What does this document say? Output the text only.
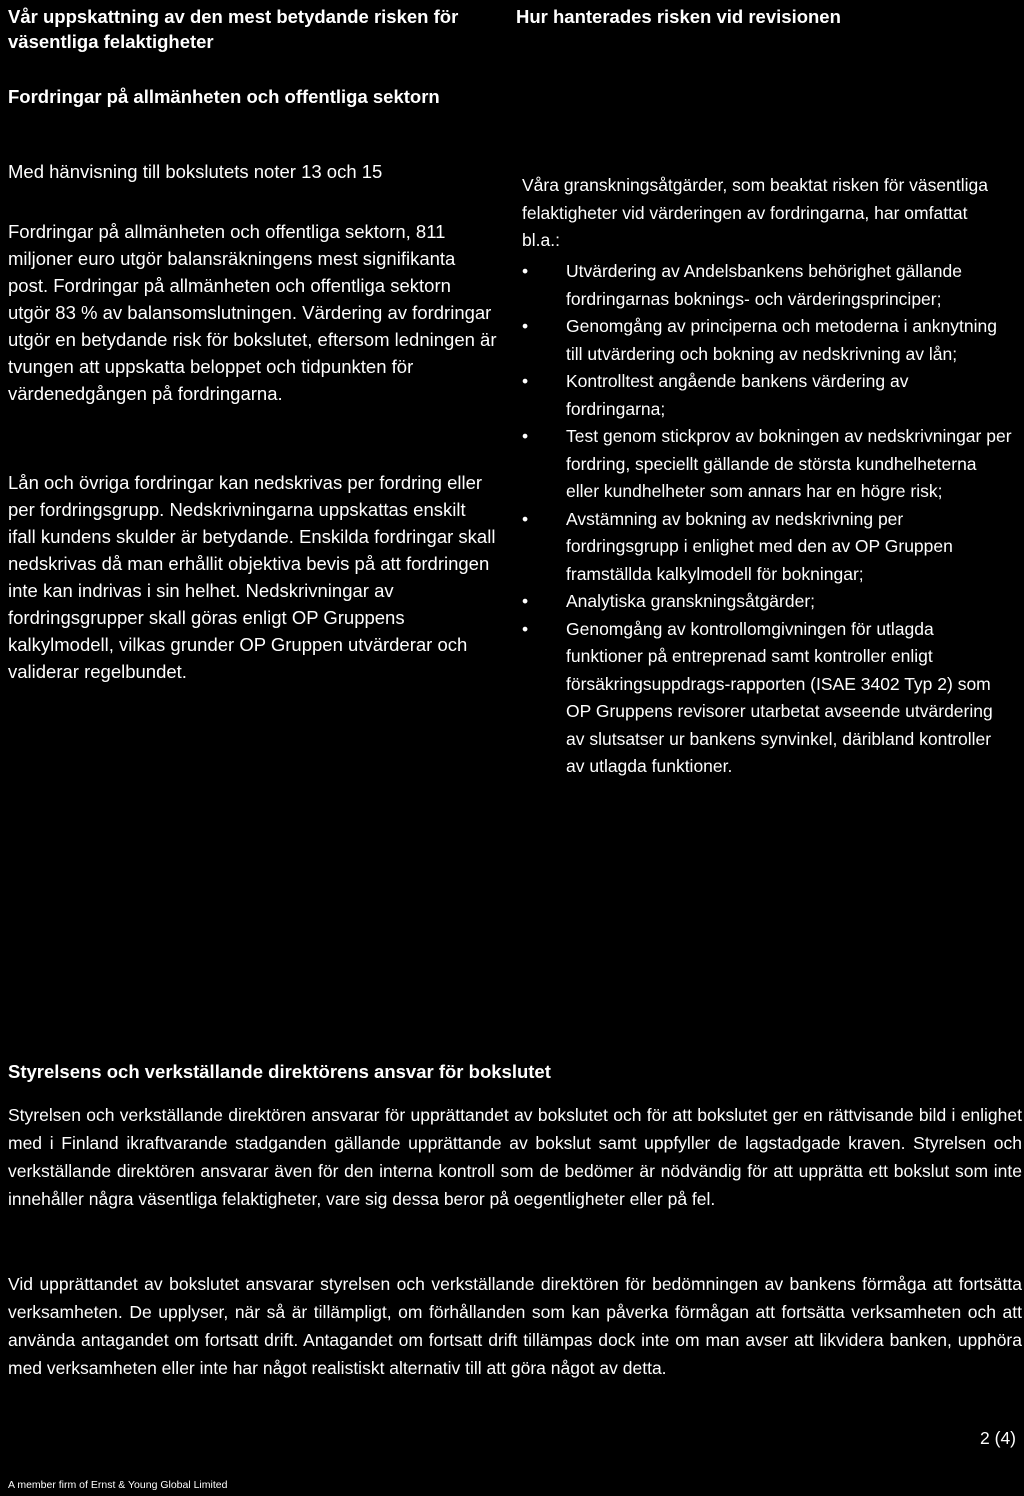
Vår uppskattning av den mest betydande risken för väsentliga felaktigheter
Hur hanterades risken vid revisionen
Fordringar på allmänheten och offentliga sektorn
Med hänvisning till bokslutets noter 13 och 15
Fordringar på allmänheten och offentliga sektorn, 811 miljoner euro utgör balansräkningens mest signifikanta post. Fordringar på allmänheten och offentliga sektorn utgör 83 % av balansomslutningen. Värdering av fordringar utgör en betydande risk för bokslutet, eftersom ledningen är tvungen att uppskatta beloppet och tidpunkten för värdenedgången på fordringarna.
Lån och övriga fordringar kan nedskrivas per fordring eller per fordringsgrupp. Nedskrivningarna uppskattas enskilt ifall kundens skulder är betydande. Enskilda fordringar skall nedskrivas då man erhållit objektiva bevis på att fordringen inte kan indrivas i sin helhet. Nedskrivningar av fordringsgrupper skall göras enligt OP Gruppens kalkylmodell, vilkas grunder OP Gruppen utvärderar och validerar regelbundet.
Våra granskningsåtgärder, som beaktat risken för väsentliga felaktigheter vid värderingen av fordringarna, har omfattat bl.a.:
• Utvärdering av Andelsbankens behörighet gällande fordringarnas boknings- och värderingsprinciper;
• Genomgång av principerna och metoderna i anknytning till utvärdering och bokning av nedskrivning av lån;
• Kontrolltest angående bankens värdering av fordringarna;
• Test genom stickprov av bokningen av nedskrivningar per fordring, speciellt gällande de största kundhelheterna eller kundhelheter som annars har en högre risk;
• Avstämning av bokning av nedskrivning per fordringsgrupp i enlighet med den av OP Gruppen framställda kalkylmodell för bokningar;
• Analytiska granskningsåtgärder;
• Genomgång av kontrollomgivningen för utlagda funktioner på entreprenad samt kontroller enligt försäkringsuppdrags-rapporten (ISAE 3402 Typ 2) som OP Gruppens revisorer utarbetat avseende utvärdering av slutsatser ur bankens synvinkel, däribland kontroller av utlagda funktioner.
Styrelsens och verkställande direktörens ansvar för bokslutet
Styrelsen och verkställande direktören ansvarar för upprättandet av bokslutet och för att bokslutet ger en rättvisande bild i enlighet med i Finland ikraftvarande stadganden gällande upprättande av bokslut samt uppfyller de lagstadgade kraven. Styrelsen och verkställande direktören ansvarar även för den interna kontroll som de bedömer är nödvändig för att upprätta ett bokslut som inte innehåller några väsentliga felaktigheter, vare sig dessa beror på oegentligheter eller på fel.
Vid upprättandet av bokslutet ansvarar styrelsen och verkställande direktören för bedömningen av bankens förmåga att fortsätta verksamheten. De upplyser, när så är tillämpligt, om förhållanden som kan påverka förmågan att fortsätta verksamheten och att använda antagandet om fortsatt drift. Antagandet om fortsatt drift tillämpas dock inte om man avser att likvidera banken, upphöra med verksamheten eller inte har något realistiskt alternativ till att göra något av detta.
2 (4)
A member firm of Ernst & Young Global Limited
